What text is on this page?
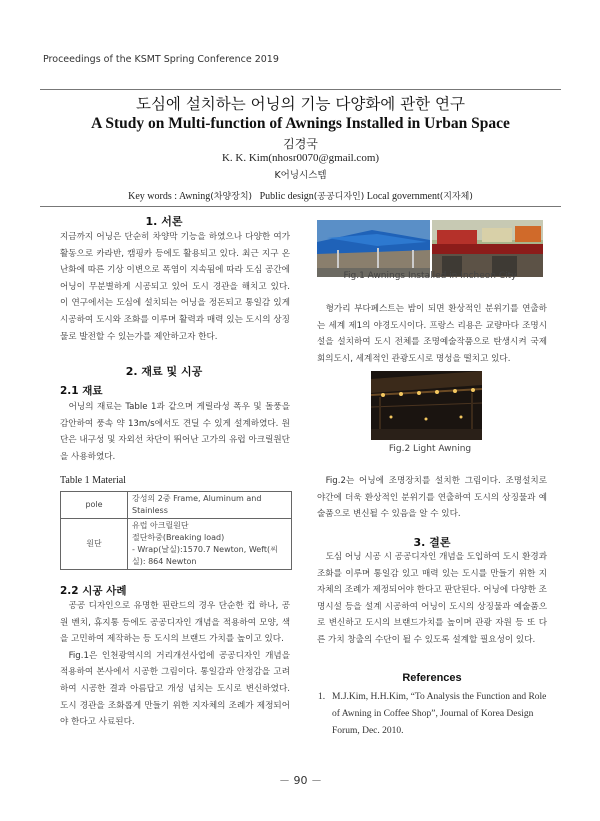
Proceedings of the KSMT Spring Conference 2019
도심에 설치하는 어닝의 기능 다양화에 관한 연구
A Study on Multi-function of Awnings Installed in Urban Space
김경국
K. K. Kim(nhosr0070@gmail.com)
K어닝시스템
Key words : Awning(차양장치) Public design(공공디자인) Local government(지자체)
1. 서론

지금까지 어닝은 단순히 차양막 기능을 하였으나 다양한 여가 활동으로 카라반, 캠핑카 등에도 활용되고 있다. 최근 지구 온난화에 따른 기상 이변으로 폭염이 지속됨에 따라 도심 공간에 어닝이 무분별하게 시공되고 있어 도시 경관을 해치고 있다. 이 연구에서는 도심에 설치되는 어닝을 정돈되고 통일감 있게 시공하여 도시와 조화를 이루며 활력과 매력 있는 도시의 상징물로 발전할 수 있는가를 제안하고자 한다.

2. 재료 및 시공
2.1 재료

어닝의 재료는 Table 1과 같으며 게릴라성 폭우 및 돌풍을 감안하여 풍속 약 13m/s에서도 견딜 수 있게 설계하였다. 원단은 내구성 및 자외선 차단이 뛰어난 고가의 유럽 아크릴원단을 사용하였다.

Table 1 Material
pole	강성의 2중 Frame, Aluminum and Stainless
원단	유럽 아크릴원단
절단하중(Breaking load)
- Wrap(날실):1570.7 Newton, Weft(씨실): 864 Newton
2.2 시공 사례

공공 디자인으로 유명한 핀란드의 경우 단순한 컵 하나, 공원 벤치, 휴지통 등에도 공공디자인 개념을 적용하여 모양, 색을 고민하여 제작하는 등 도시의 브랜드 가치를 높이고 있다.

Fig.1은 인천광역시의 거리개선사업에 공공디자인 개념을 적용하여 본사에서 시공한 그림이다. 통일감과 안정감을 고려하여 시공한 결과 아름답고 개성 넘치는 도시로 변신하였다. 도시 경관을 조화롭게 만들기 위한 지자체의 조례가 제정되어야 한다고 사료된다.

Fig.1 Awnings Installed in Incheon City

형가리 부다페스트는 밤이 되면 환상적인 분위기를 연출하는 세계 제1의 야경도시이다. 프랑스 리용은 교량마다 조명시설을 설치하여 도시 전체를 조명예술작품으로 탄생시켜 국제회의도시, 세계적인 관광도시로 명성을 떨치고 있다.

Fig.2 Light Awning

Fig.2는 어닝에 조명장치를 설치한 그림이다. 조명설치로 야간에 더욱 환상적인 분위기를 연출하여 도시의 상징물과 예술품으로 변신될 수 있음을 알 수 있다.

3. 결론

도심 어닝 시공 시 공공디자인 개념을 도입하여 도시 환경과 조화를 이루며 통일감 있고 매력 있는 도시를 만들기 위한 지자체의 조례가 제정되어야 한다고 판단된다. 어닝에 다양한 조명시설 등을 설계 시공하여 어닝이 도시의 상징물과 예술품으로 변신하고 도시의 브랜드가치를 높이며 관광 자원 등 또 다른 가치 창출의 수단이 될 수 있도록 설계할 필요성이 있다.

References
1. M.J.Kim, H.H.Kim, “To Analysis the Function and Role of Awning in Coffee Shop”, Journal of Korea Design Forum, Dec. 2010.
－ 90 －
